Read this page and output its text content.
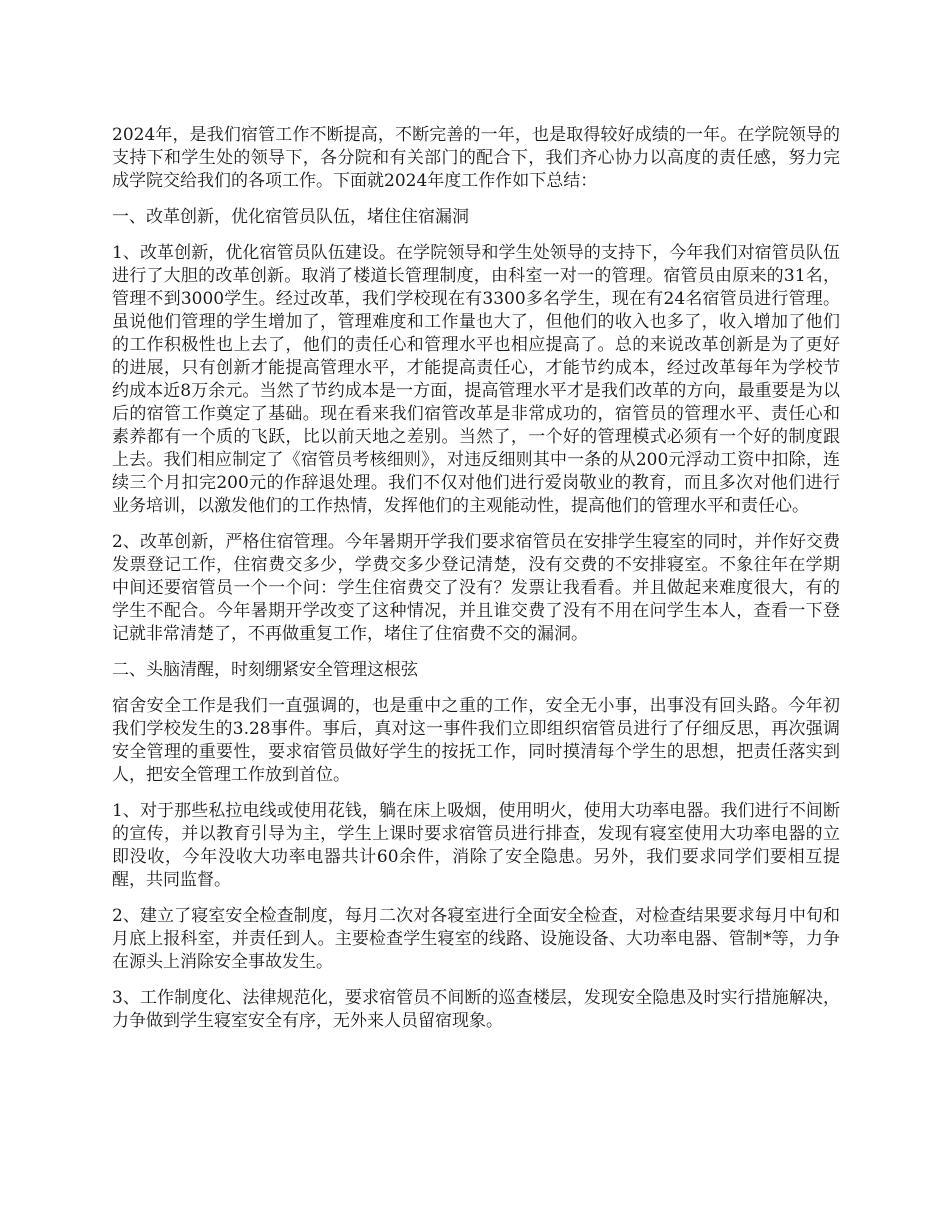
2024年，是我们宿管工作不断提高，不断完善的一年，也是取得较好成绩的一年。在学院领导的支持下和学生处的领导下，各分院和有关部门的配合下，我们齐心协力以高度的责任感，努力完成学院交给我们的各项工作。下面就2024年度工作作如下总结：

一、改革创新，优化宿管员队伍，堵住住宿漏洞

1、改革创新，优化宿管员队伍建设。在学院领导和学生处领导的支持下，今年我们对宿管员队伍进行了大胆的改革创新。取消了楼道长管理制度，由科室一对一的管理。宿管员由原来的31名，管理不到3000学生。经过改革，我们学校现在有3300多名学生，现在有24名宿管员进行管理。虽说他们管理的学生增加了，管理难度和工作量也大了，但他们的收入也多了，收入增加了他们的工作积极性也上去了，他们的责任心和管理水平也相应提高了。总的来说改革创新是为了更好的进展，只有创新才能提高管理水平，才能提高责任心，才能节约成本，经过改革每年为学校节约成本近8万余元。当然了节约成本是一方面，提高管理水平才是我们改革的方向，最重要是为以后的宿管工作奠定了基础。现在看来我们宿管改革是非常成功的，宿管员的管理水平、责任心和素养都有一个质的飞跃，比以前天地之差别。当然了，一个好的管理模式必须有一个好的制度跟上去。我们相应制定了《宿管员考核细则》，对违反细则其中一条的从200元浮动工资中扣除，连续三个月扣完200元的作辞退处理。我们不仅对他们进行爱岗敬业的教育，而且多次对他们进行业务培训，以激发他们的工作热情，发挥他们的主观能动性，提高他们的管理水平和责任心。

2、改革创新，严格住宿管理。今年暑期开学我们要求宿管员在安排学生寝室的同时，并作好交费发票登记工作，住宿费交多少，学费交多少登记清楚，没有交费的不安排寝室。不象往年在学期中间还要宿管员一个一个问：学生住宿费交了没有？发票让我看看。并且做起来难度很大，有的学生不配合。今年暑期开学改变了这种情况，并且谁交费了没有不用在问学生本人，查看一下登记就非常清楚了，不再做重复工作，堵住了住宿费不交的漏洞。

二、头脑清醒，时刻绷紧安全管理这根弦

宿舍安全工作是我们一直强调的，也是重中之重的工作，安全无小事，出事没有回头路。今年初我们学校发生的3.28事件。事后，真对这一事件我们立即组织宿管员进行了仔细反思，再次强调安全管理的重要性，要求宿管员做好学生的按抚工作，同时摸清每个学生的思想，把责任落实到人，把安全管理工作放到首位。

1、对于那些私拉电线或使用花钱，躺在床上吸烟，使用明火，使用大功率电器。我们进行不间断的宣传，并以教育引导为主，学生上课时要求宿管员进行排查，发现有寝室使用大功率电器的立即没收，今年没收大功率电器共计60余件，消除了安全隐患。另外，我们要求同学们要相互提醒，共同监督。

2、建立了寝室安全检查制度，每月二次对各寝室进行全面安全检查，对检查结果要求每月中旬和月底上报科室，并责任到人。主要检查学生寝室的线路、设施设备、大功率电器、管制*等，力争在源头上消除安全事故发生。

3、工作制度化、法律规范化，要求宿管员不间断的巡查楼层，发现安全隐患及时实行措施解决，力争做到学生寝室安全有序，无外来人员留宿现象。
